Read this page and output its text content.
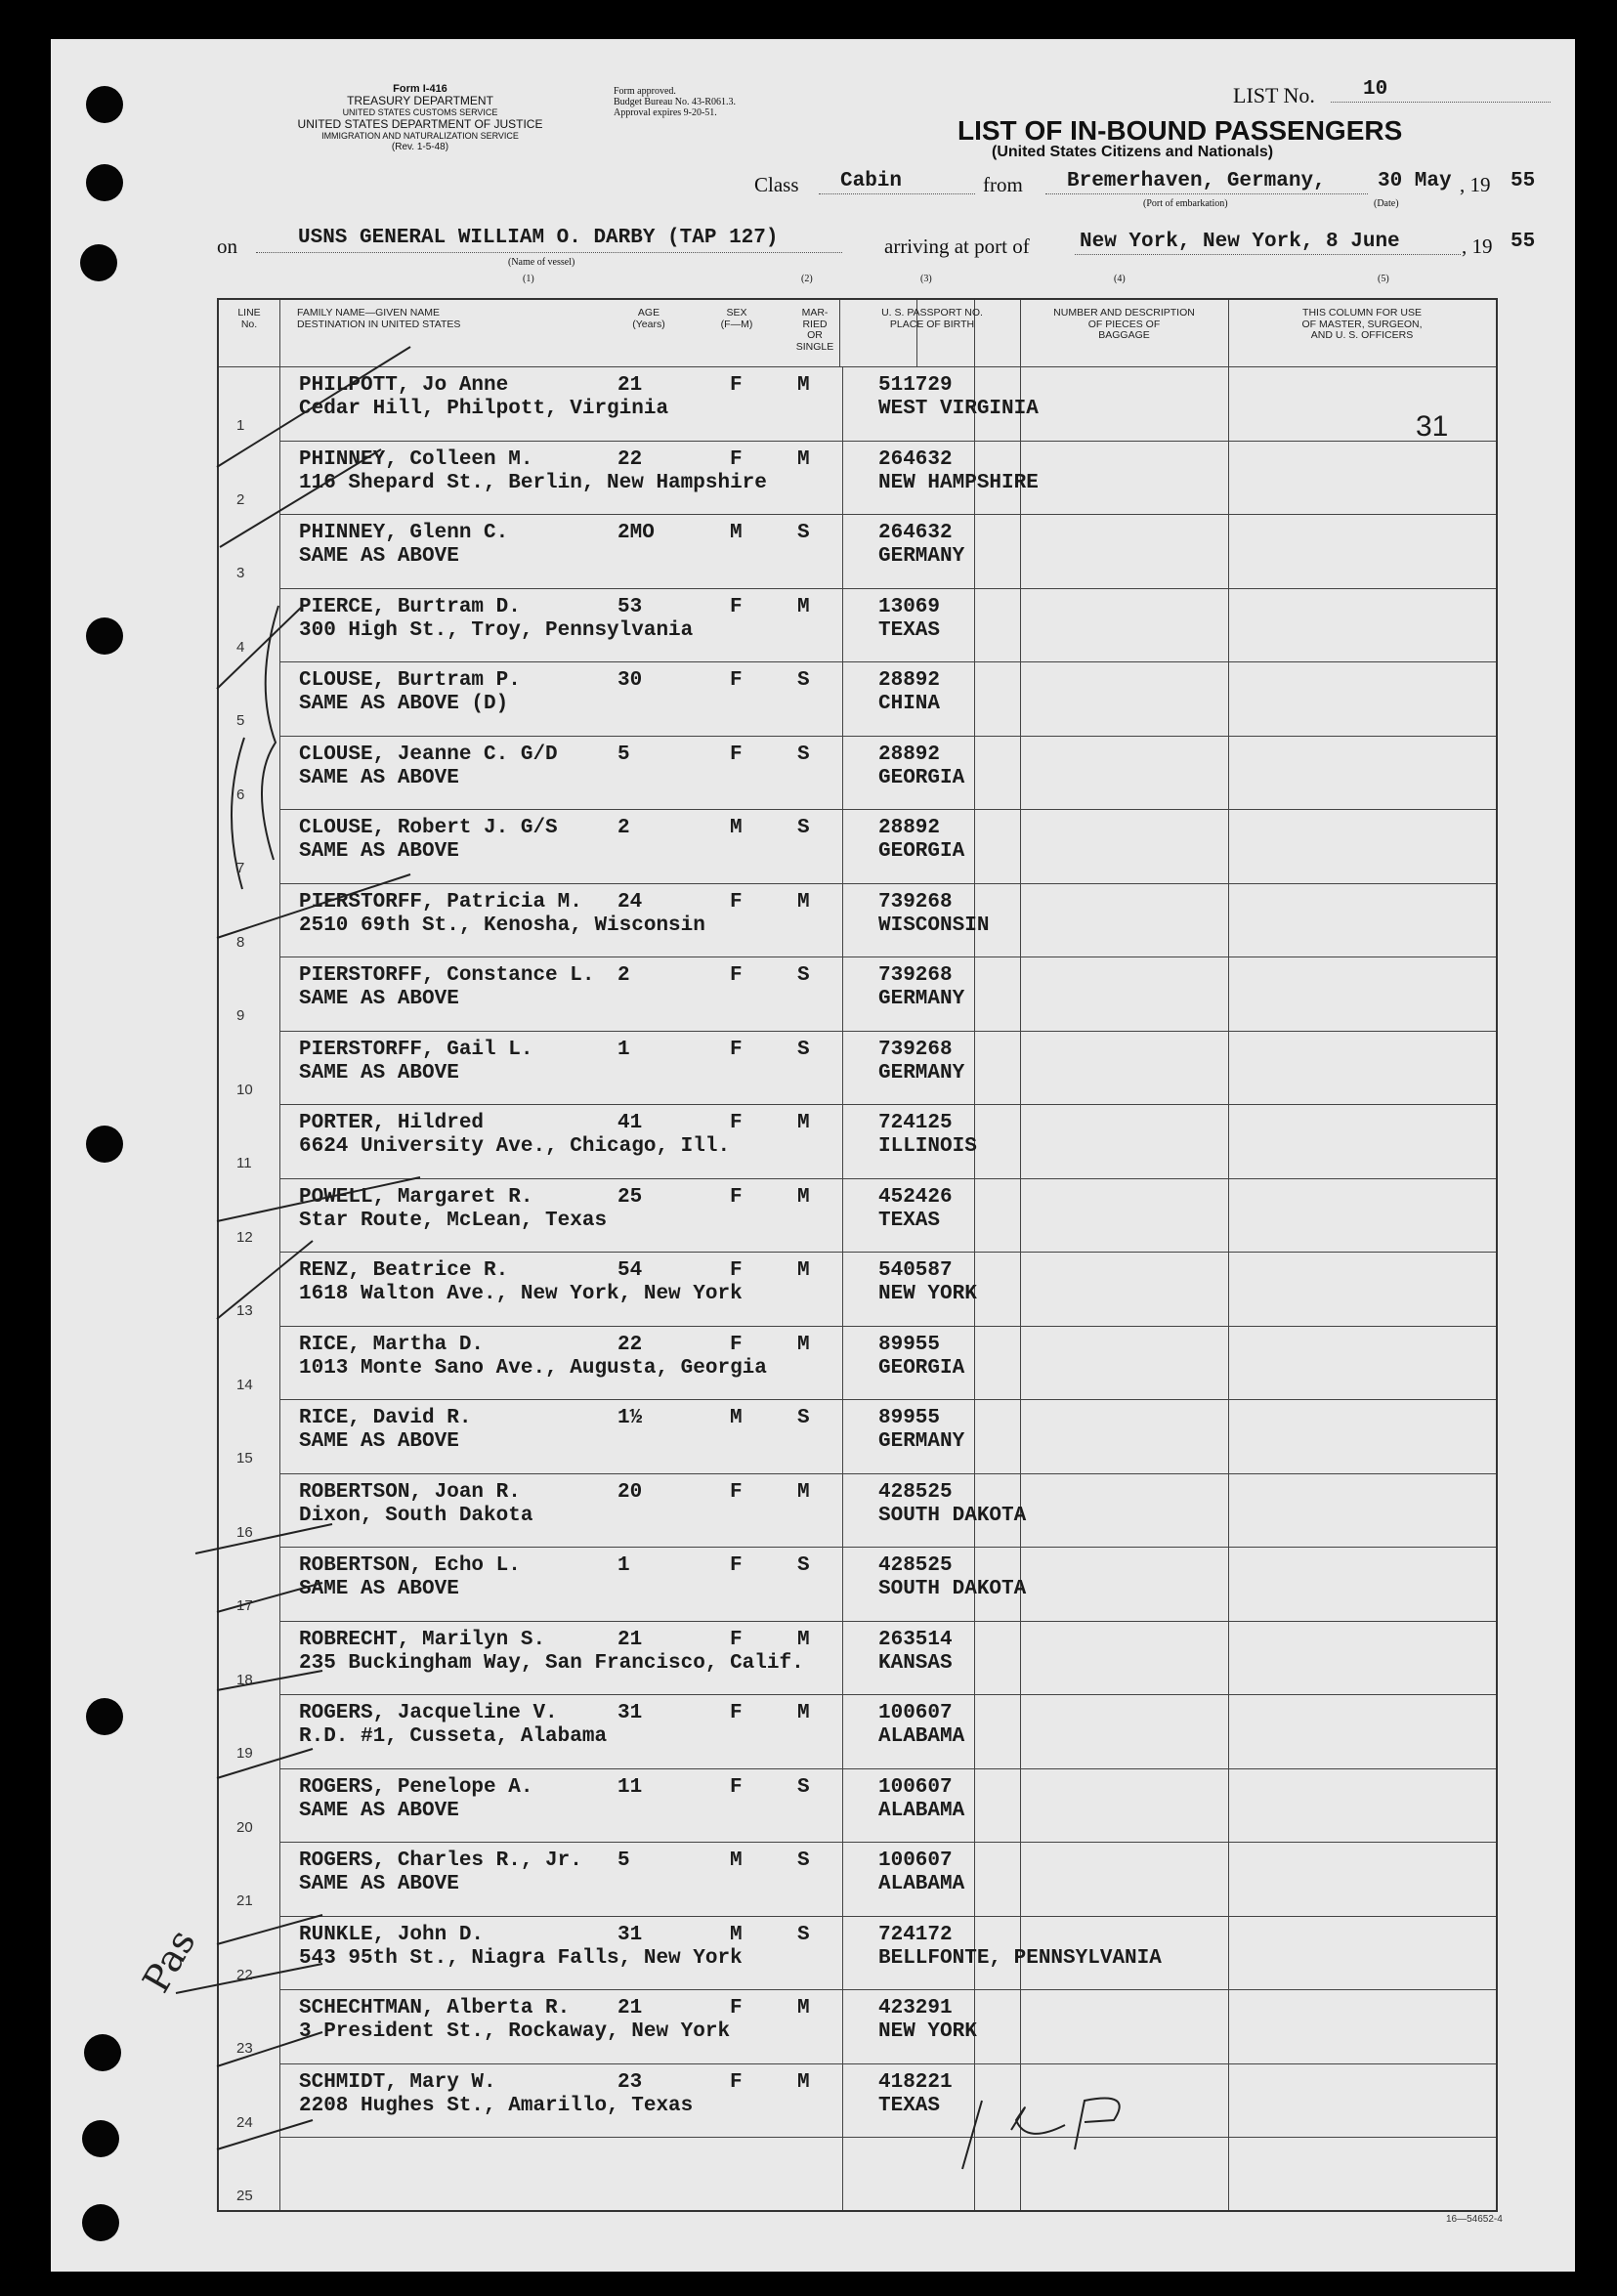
Form I-416
TREASURY DEPARTMENT
UNITED STATES CUSTOMS SERVICE
UNITED STATES DEPARTMENT OF JUSTICE
IMMIGRATION AND NATURALIZATION SERVICE
(Rev. 1-5-48)
Form approved.
Budget Bureau No. 43-R061.3.
Approval expires 9-20-51.
LIST No. 10
LIST OF IN-BOUND PASSENGERS
(United States Citizens and Nationals)
Class Cabin	from Bremerhaven, Germany,
(Port of embarkation)
30 May
(Date)
, 19 55
on	USNS GENERAL WILLIAM O. DARBY (TAP 127)
(Name of vessel)
arriving at port of New York, New York, 8 June	, 19 55
(1)	(2)	(3)	(4)	(5)
LINE
No.
FAMILY NAME—GIVEN NAME
DESTINATION IN UNITED STATES
AGE
(Years)
SEX
(F—M)
MAR-
RIED
OR
SINGLE
U. S. PASSPORT NO.
PLACE OF BIRTH
NUMBER AND DESCRIPTION
OF PIECES OF
BAGGAGE
THIS COLUMN FOR USE
OF MASTER, SURGEON,
AND U. S. OFFICERS
31
1
PHILPOTT, Jo Anne
Cedar Hill, Philpott, Virginia
21	F	M	511729
WEST VIRGINIA
2
PHINNEY, Colleen M.
116 Shepard St., Berlin, New Hampshire
22	F	M	264632
NEW HAMPSHIRE
3
PHINNEY, Glenn C.
SAME AS ABOVE
2MO	M	S	264632
GERMANY
4
PIERCE, Burtram D.
300 High St., Troy, Pennsylvania
53	F	M	13069
TEXAS
5
CLOUSE, Burtram P.
SAME AS ABOVE (D)
30	F	S	28892
CHINA
6
CLOUSE, Jeanne C. G/D
SAME AS ABOVE
5	F	S	28892
GEORGIA
7
CLOUSE, Robert J. G/S
SAME AS ABOVE
2	M	S	28892
GEORGIA
8
PIERSTORFF, Patricia M.
2510 69th St., Kenosha, Wisconsin
24	F	M	739268
WISCONSIN
9
PIERSTORFF, Constance L.
SAME AS ABOVE
2	F	S	739268
GERMANY
10
PIERSTORFF, Gail L.
SAME AS ABOVE
1	F	S	739268
GERMANY
11
PORTER, Hildred
6624 University Ave., Chicago, Ill.
41	F	M	724125
ILLINOIS
12
POWELL, Margaret R.
Star Route, McLean, Texas
25	F	M	452426
TEXAS
13
RENZ, Beatrice R.
1618 Walton Ave., New York, New York
54	F	M	540587
NEW YORK
14
RICE, Martha D.
1013 Monte Sano Ave., Augusta, Georgia
22	F	M	89955
GEORGIA
15
RICE, David R.
SAME AS ABOVE
1½	M	S	89955
GERMANY
16
ROBERTSON, Joan R.
Dixon, South Dakota
20	F	M	428525
SOUTH DAKOTA
17
ROBERTSON, Echo L.
SAME AS ABOVE
1	F	S	428525
SOUTH DAKOTA
18
ROBRECHT, Marilyn S.
235 Buckingham Way, San Francisco, Calif.
21	F	M	263514
KANSAS
19
ROGERS, Jacqueline V.
R.D. #1, Cusseta, Alabama
31	F	M	100607
ALABAMA
20
ROGERS, Penelope A.
SAME AS ABOVE
11	F	S	100607
ALABAMA
21
ROGERS, Charles R., Jr.
SAME AS ABOVE
5	M	S	100607
ALABAMA
22
RUNKLE, John D.
543 95th St., Niagra Falls, New York
31	M	S	724172
BELLFONTE, PENNSYLVANIA
23
SCHECHTMAN, Alberta R.
3 President St., Rockaway, New York
21	F	M	423291
NEW YORK
24
SCHMIDT, Mary W.
2208 Hughes St., Amarillo, Texas
23	F	M	418221
TEXAS
25
Pas
16—54652-4
